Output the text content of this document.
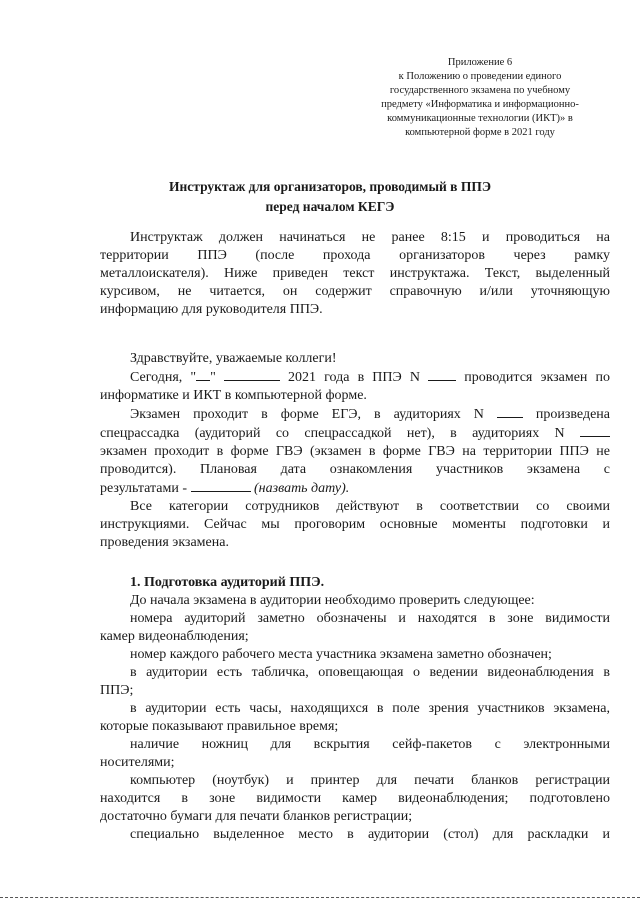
Приложение 6
к Положению о проведении единого
государственного экзамена по учебному
предмету «Информатика и информационно-
коммуникационные технологии (ИКТ)» в
компьютерной форме в 2021 году
Инструктаж для организаторов, проводимый в ППЭ
перед началом КЕГЭ
Инструктаж должен начинаться не ранее 8:15 и проводиться на
территории ППЭ (после прохода организаторов через рамку
металлоискателя). Ниже приведен текст инструктажа. Текст, выделенный
курсивом, не читается, он содержит справочную и/или уточняющую
информацию для руководителя ППЭ.
Здравствуйте, уважаемые коллеги!
Сегодня, " "	2021 года в ППЭ N  проводится экзамен по
информатике и ИКТ в компьютерной форме.
Экзамен проходит в форме ЕГЭ, в аудиториях N  произведена
спецрассадка (аудиторий со спецрассадкой нет), в аудиториях N
экзамен проходит в форме ГВЭ (экзамен в форме ГВЭ на территории ППЭ не
проводится). Плановая дата ознакомления участников экзамена с
результатами -	(назвать дату).
Все категории сотрудников действуют в соответствии со своими
инструкциями. Сейчас мы проговорим основные моменты подготовки и
проведения экзамена.
1. Подготовка аудиторий ППЭ.
До начала экзамена в аудитории необходимо проверить следующее:
номера аудиторий заметно обозначены и находятся в зоне видимости
камер видеонаблюдения;
номер каждого рабочего места участника экзамена заметно обозначен;
в аудитории есть табличка, оповещающая о ведении видеонаблюдения в
ППЭ;
в аудитории есть часы, находящихся в поле зрения участников экзамена,
которые показывают правильное время;
наличие ножниц для вскрытия сейф-пакетов с электронными
носителями;
компьютер (ноутбук) и принтер для печати бланков регистрации
находится в зоне видимости камер видеонаблюдения; подготовлено
достаточно бумаги для печати бланков регистрации;
специально выделенное место в аудитории (стол) для раскладки и
